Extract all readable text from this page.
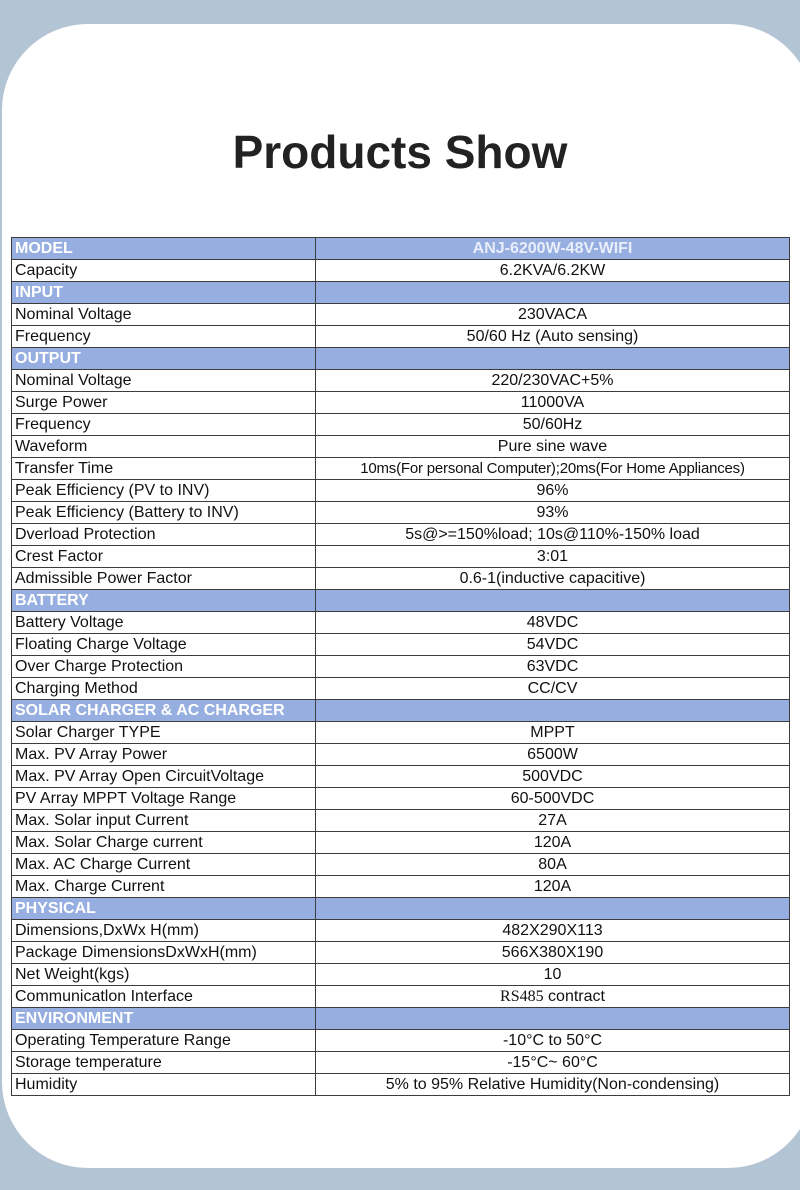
Products Show
MODEL	ANJ-6200W-48V-WIFI
Capacity	6.2KVA/6.2KW
INPUT	
Nominal Voltage	230VACA
Frequency	50/60 Hz (Auto sensing)
OUTPUT	
Nominal Voltage	220/230VAC+5%
Surge Power	11000VA
Frequency	50/60Hz
Waveform	Pure sine wave
Transfer Time	10ms(For personal Computer);20ms(For Home Appliances)
Peak Efficiency (PV to INV)	96%
Peak Efficiency (Battery to INV)	93%
Dverload Protection	5s@>=150%load; 10s@110%-150% load
Crest Factor	3:01
Admissible Power Factor	0.6-1(inductive capacitive)
BATTERY	
Battery Voltage	48VDC
Floating Charge Voltage	54VDC
Over Charge Protection	63VDC
Charging Method	CC/CV
SOLAR CHARGER & AC CHARGER	
Solar Charger TYPE	MPPT
Max. PV Array Power	6500W
Max. PV Array Open CircuitVoltage	500VDC
PV Array MPPT Voltage Range	60-500VDC
Max. Solar input Current	27A
Max. Solar Charge current	120A
Max. AC Charge Current	80A
Max. Charge Current	120A
PHYSICAL	
Dimensions,DxWx H(mm)	482X290X113
Package DimensionsDxWxH(mm)	566X380X190
Net Weight(kgs)	10
Communicatlon Interface	RS485 contract
ENVIRONMENT	
Operating Temperature Range	-10°C to 50°C
Storage temperature	-15°C~ 60°C
Humidity	5% to 95% Relative Humidity(Non-condensing)
